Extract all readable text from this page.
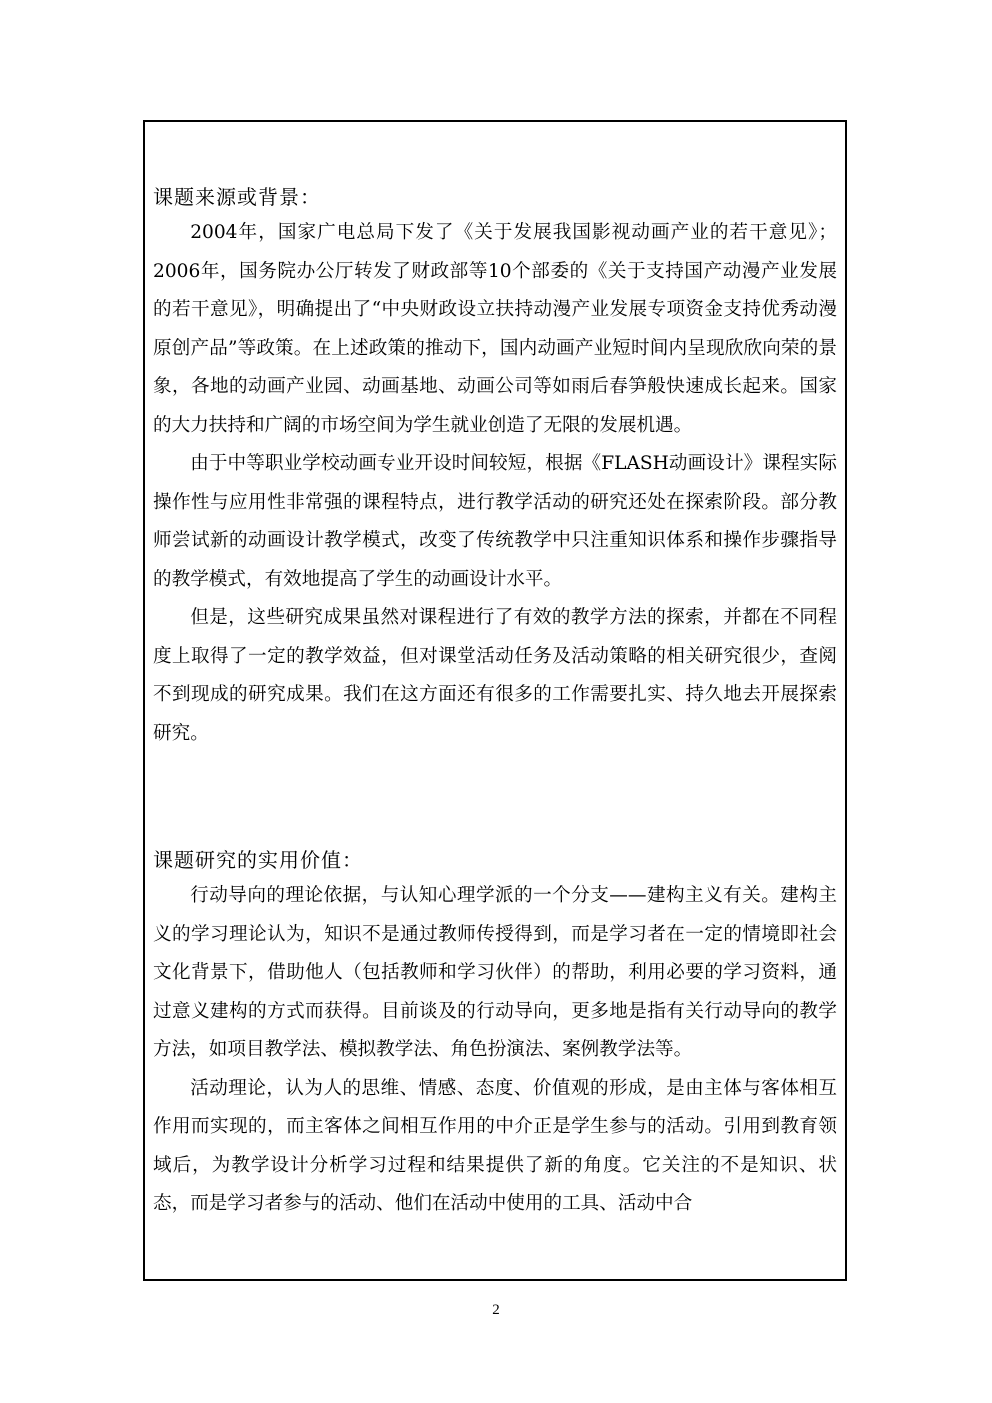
课题来源或背景：

2004年，国家广电总局下发了《关于发展我国影视动画产业的若干意见》；2006年，国务院办公厅转发了财政部等10个部委的《关于支持国产动漫产业发展的若干意见》，明确提出了“中央财政设立扶持动漫产业发展专项资金支持优秀动漫原创产品”等政策。在上述政策的推动下，国内动画产业短时间内呈现欣欣向荣的景象，各地的动画产业园、动画基地、动画公司等如雨后春笋般快速成长起来。国家的大力扶持和广阔的市场空间为学生就业创造了无限的发展机遇。

由于中等职业学校动画专业开设时间较短，根据《FLASH动画设计》课程实际操作性与应用性非常强的课程特点，进行教学活动的研究还处在探索阶段。部分教师尝试新的动画设计教学模式，改变了传统教学中只注重知识体系和操作步骤指导的教学模式，有效地提高了学生的动画设计水平。

但是，这些研究成果虽然对课程进行了有效的教学方法的探索，并都在不同程度上取得了一定的教学效益，但对课堂活动任务及活动策略的相关研究很少，查阅不到现成的研究成果。我们在这方面还有很多的工作需要扎实、持久地去开展探索研究。

课题研究的实用价值：

行动导向的理论依据，与认知心理学派的一个分支——建构主义有关。建构主义的学习理论认为，知识不是通过教师传授得到，而是学习者在一定的情境即社会文化背景下，借助他人（包括教师和学习伙伴）的帮助，利用必要的学习资料，通过意义建构的方式而获得。目前谈及的行动导向，更多地是指有关行动导向的教学方法，如项目教学法、模拟教学法、角色扮演法、案例教学法等。

活动理论，认为人的思维、情感、态度、价值观的形成，是由主体与客体相互作用而实现的，而主客体之间相互作用的中介正是学生参与的活动。引用到教育领域后，为教学设计分析学习过程和结果提供了新的角度。它关注的不是知识、状态，而是学习者参与的活动、他们在活动中使用的工具、活动中合

2
